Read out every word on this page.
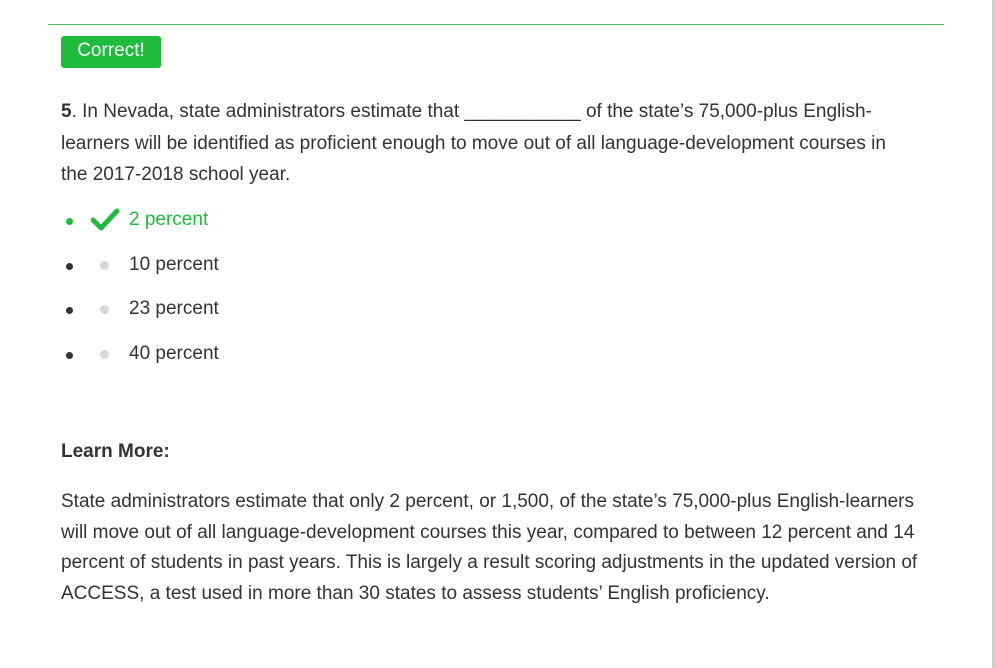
Correct!
5. In Nevada, state administrators estimate that ___________ of the state’s 75,000-plus English-learners will be identified as proficient enough to move out of all language-development courses in the 2017-2018 school year.
2 percent
10 percent
23 percent
40 percent
Learn More:
State administrators estimate that only 2 percent, or 1,500, of the state’s 75,000-plus English-learners will move out of all language-development courses this year, compared to between 12 percent and 14 percent of students in past years. This is largely a result scoring adjustments in the updated version of ACCESS, a test used in more than 30 states to assess students’ English proficiency.
